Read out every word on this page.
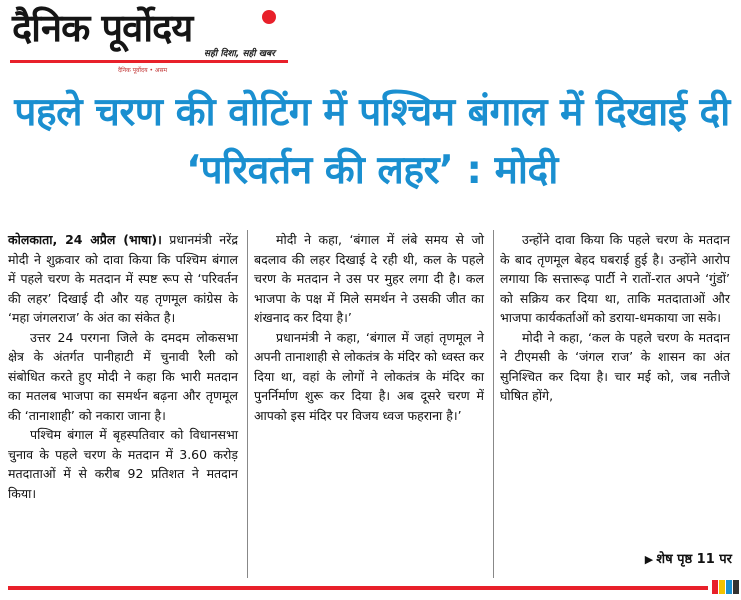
दैनिक पूर्वोदय
सही दिशा, सही खबर
दैनिक पूर्वोदय • असम
पहले चरण की वोटिंग में पश्चिम बंगाल में दिखाई दी ‘परिवर्तन की लहर’ : मोदी

कोलकाता, 24 अप्रैल (भाषा)। प्रधानमंत्री नरेंद्र मोदी ने शुक्रवार को दावा किया कि पश्चिम बंगाल में पहले चरण के मतदान में स्पष्ट रूप से ‘परिवर्तन की लहर’ दिखाई दी और यह तृणमूल कांग्रेस के ‘महा जंगलराज’ के अंत का संकेत है।

उत्तर 24 परगना जिले के दमदम लोकसभा क्षेत्र के अंतर्गत पानीहाटी में चुनावी रैली को संबोधित करते हुए मोदी ने कहा कि भारी मतदान का मतलब भाजपा का समर्थन बढ़ना और तृणमूल की ‘तानाशाही’ को नकारा जाना है।

पश्चिम बंगाल में बृहस्पतिवार को विधानसभा चुनाव के पहले चरण के मतदान में 3.60 करोड़ मतदाताओं में से करीब 92 प्रतिशत ने मतदान किया।

मोदी ने कहा, ‘बंगाल में लंबे समय से जो बदलाव की लहर दिखाई दे रही थी, कल के पहले चरण के मतदान ने उस पर मुहर लगा दी है। कल भाजपा के पक्ष में मिले समर्थन ने उसकी जीत का शंखनाद कर दिया है।’

प्रधानमंत्री ने कहा, ‘बंगाल में जहां तृणमूल ने अपनी तानाशाही से लोकतंत्र के मंदिर को ध्वस्त कर दिया था, वहां के लोगों ने लोकतंत्र के मंदिर का पुनर्निर्माण शुरू कर दिया है। अब दूसरे चरण में आपको इस मंदिर पर विजय ध्वज फहराना है।’

उन्होंने दावा किया कि पहले चरण के मतदान के बाद तृणमूल बेहद घबराई हुई है। उन्होंने आरोप लगाया कि सत्तारूढ़ पार्टी ने रातों-रात अपने ‘गुंडों’ को सक्रिय कर दिया था, ताकि मतदाताओं और भाजपा कार्यकर्ताओं को डराया-धमकाया जा सके।

मोदी ने कहा, ‘कल के पहले चरण के मतदान ने टीएमसी के ‘जंगल राज’ के शासन का अंत सुनिश्चित कर दिया है। चार मई को, जब नतीजे घोषित होंगे,

▶ शेष पृष्ठ 11 पर
